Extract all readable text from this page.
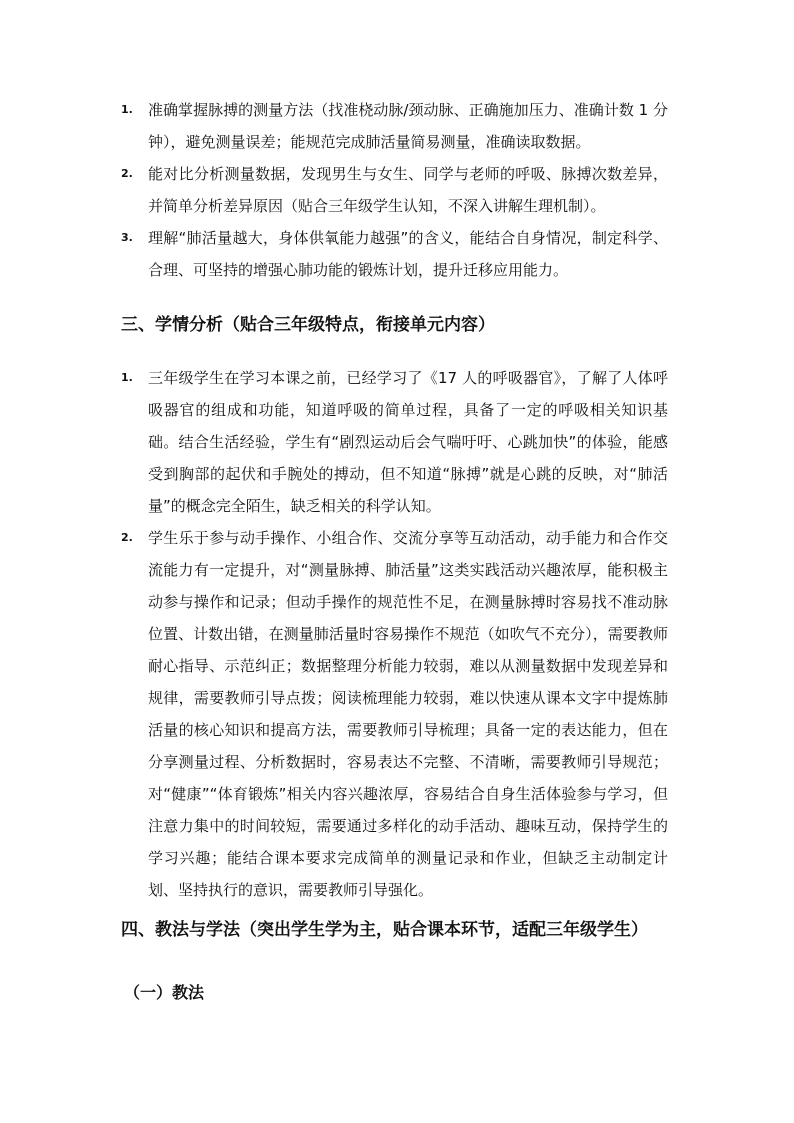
1. 准确掌握脉搏的测量方法（找准桡动脉/颈动脉、正确施加压力、准确计数 1 分钟），避免测量误差；能规范完成肺活量简易测量，准确读取数据。
2. 能对比分析测量数据，发现男生与女生、同学与老师的呼吸、脉搏次数差异，并简单分析差异原因（贴合三年级学生认知，不深入讲解生理机制）。
3. 理解“肺活量越大，身体供氧能力越强”的含义，能结合自身情况，制定科学、合理、可坚持的增强心肺功能的锻炼计划，提升迁移应用能力。
三、学情分析（贴合三年级特点，衔接单元内容）
1. 三年级学生在学习本课之前，已经学习了《17 人的呼吸器官》，了解了人体呼吸器官的组成和功能，知道呼吸的简单过程，具备了一定的呼吸相关知识基础。结合生活经验，学生有“剧烈运动后会气喘吁吁、心跳加快”的体验，能感受到胸部的起伏和手腕处的搏动，但不知道“脉搏”就是心跳的反映，对“肺活量”的概念完全陌生，缺乏相关的科学认知。
2. 学生乐于参与动手操作、小组合作、交流分享等互动活动，动手能力和合作交流能力有一定提升，对“测量脉搏、肺活量”这类实践活动兴趣浓厚，能积极主动参与操作和记录；但动手操作的规范性不足，在测量脉搏时容易找不准动脉位置、计数出错，在测量肺活量时容易操作不规范（如吹气不充分），需要教师耐心指导、示范纠正；数据整理分析能力较弱，难以从测量数据中发现差异和规律，需要教师引导点拨；阅读梳理能力较弱，难以快速从课本文字中提炼肺活量的核心知识和提高方法，需要教师引导梳理；具备一定的表达能力，但在分享测量过程、分析数据时，容易表达不完整、不清晰，需要教师引导规范；对“健康”“体育锻炼”相关内容兴趣浓厚，容易结合自身生活体验参与学习，但注意力集中的时间较短，需要通过多样化的动手活动、趣味互动，保持学生的学习兴趣；能结合课本要求完成简单的测量记录和作业，但缺乏主动制定计划、坚持执行的意识，需要教师引导强化。
四、教法与学法（突出学生学为主，贴合课本环节，适配三年级学生）
（一）教法
